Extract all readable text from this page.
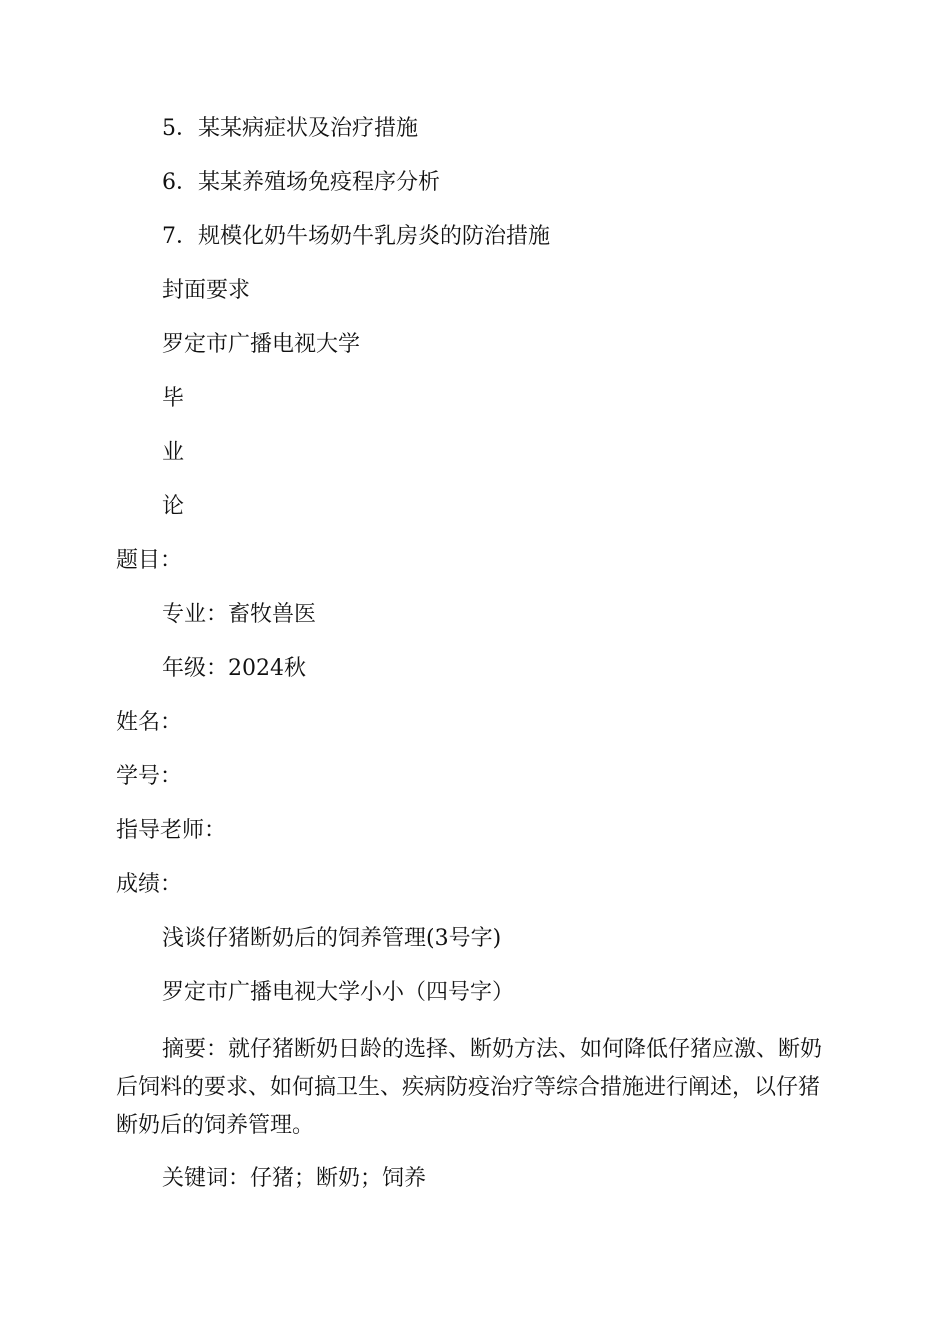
5．某某病症状及治疗措施
6．某某养殖场免疫程序分析
7．规模化奶牛场奶牛乳房炎的防治措施
封面要求
罗定市广播电视大学
毕
业
论
题目：
专业：畜牧兽医
年级：2024秋
姓名：
学号：
指导老师：
成绩：
浅谈仔猪断奶后的饲养管理(3号字)
罗定市广播电视大学小小（四号字）
摘要：就仔猪断奶日龄的选择、断奶方法、如何降低仔猪应激、断奶后饲料的要求、如何搞卫生、疾病防疫治疗等综合措施进行阐述，以仔猪断奶后的饲养管理。
关键词：仔猪；断奶；饲养
